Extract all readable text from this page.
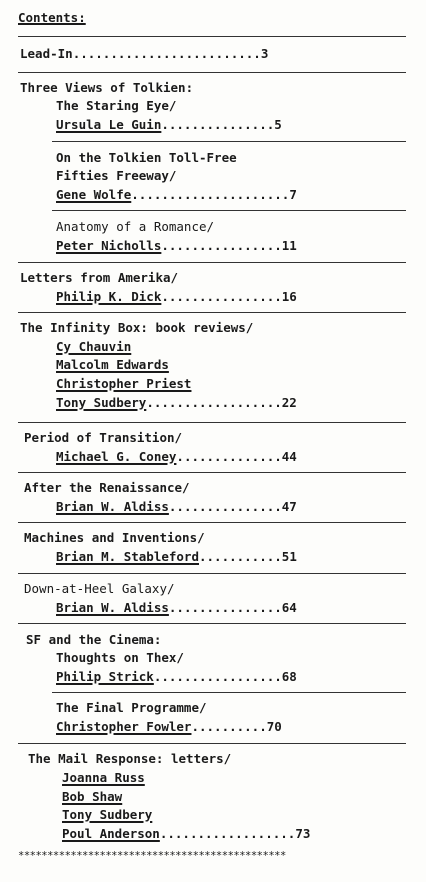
Contents:
Lead-In.........................3
Three Views of Tolkien:
The Staring Eye/
Ursula Le Guin...............5
On the Tolkien Toll-Free
Fifties Freeway/
Gene Wolfe.....................7
Anatomy of a Romance/
Peter Nicholls................11
Letters from Amerika/
Philip K. Dick................16
The Infinity Box: book reviews/
Cy Chauvin
Malcolm Edwards
Christopher Priest
Tony Sudbery..................22
Period of Transition/
Michael G. Coney..............44
After the Renaissance/
Brian W. Aldiss...............47
Machines and Inventions/
Brian M. Stableford...........51
Down-at-Heel Galaxy/
Brian W. Aldiss...............64
SF and the Cinema:
Thoughts on Thex/
Philip Strick.................68
The Final Programme/
Christopher Fowler..........70
The Mail Response: letters/
Joanna Russ
Bob Shaw
Tony Sudbery
Poul Anderson..................73
**********************************************
